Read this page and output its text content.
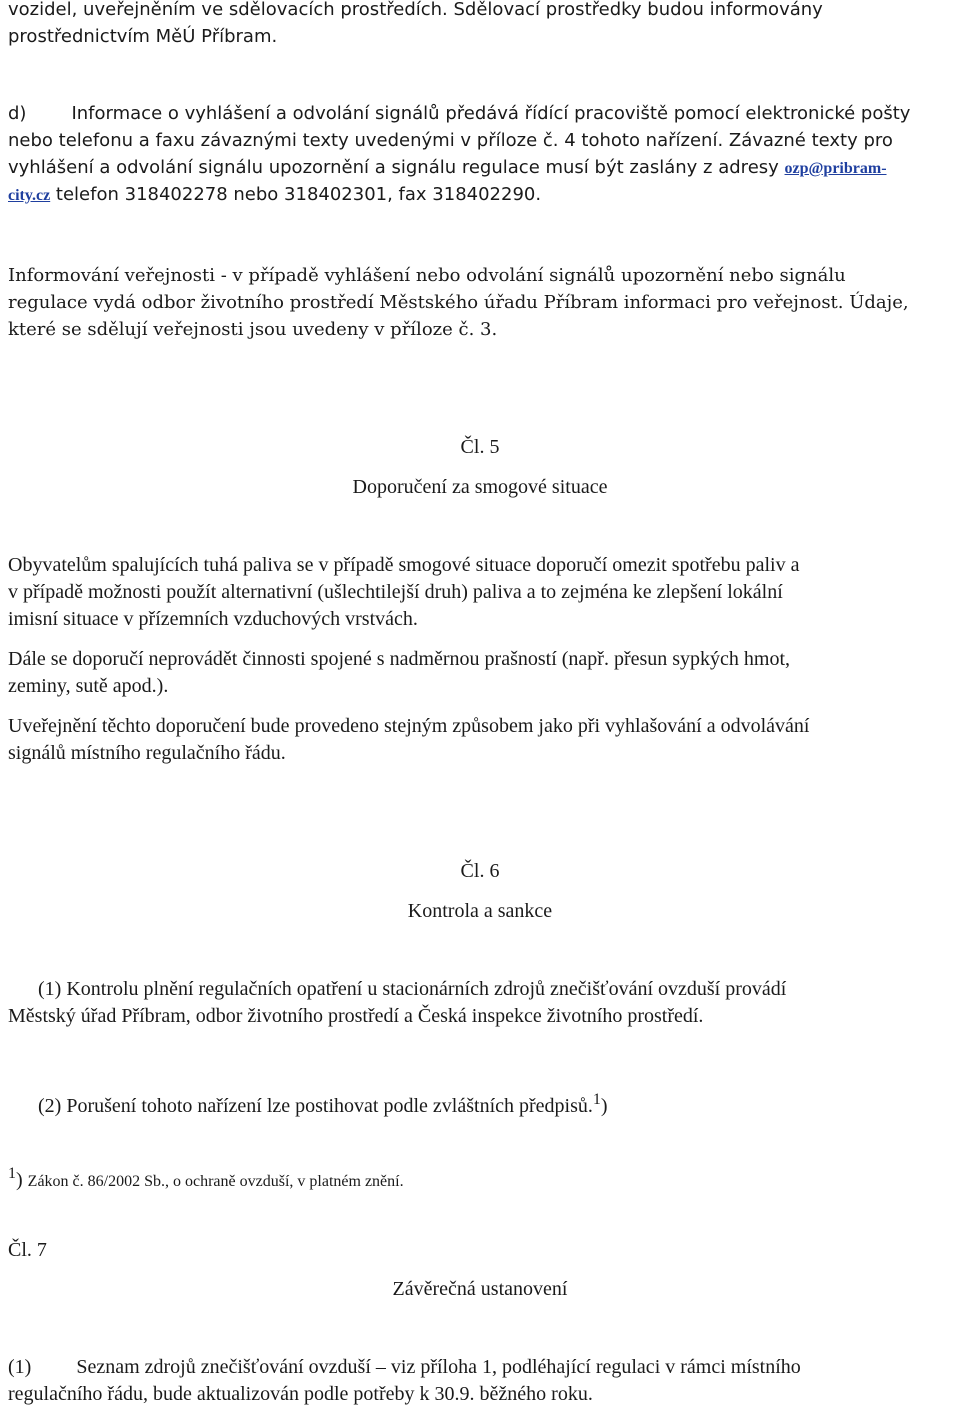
vozidel, uveřejněním ve sdělovacích prostředích. Sdělovací prostředky budou informovány

prostřednictvím MěÚ Příbram.

d)	Informace o vyhlášení a odvolání signálů předává řídící pracoviště pomocí elektronické pošty

nebo telefonu a faxu závaznými texty uvedenými v příloze č. 4 tohoto nařízení. Závazné texty pro

vyhlášení a odvolání signálu upozornění a signálu regulace musí být zaslány z adresy ozp@pribram-

city.cz telefon 318402278 nebo 318402301, fax 318402290.

Informování veřejnosti - v případě vyhlášení nebo odvolání signálů upozornění nebo signálu

regulace vydá odbor životního prostředí Městského úřadu Příbram informaci pro veřejnost. Údaje,

které se sdělují veřejnosti jsou uvedeny v příloze č. 3.

Čl. 5

Doporučení za smogové situace

Obyvatelům spalujících tuhá paliva se v případě smogové situace doporučí omezit spotřebu paliv a

v případě možnosti použít alternativní (ušlechtilejší druh) paliva a to zejména ke zlepšení lokální

imisní situace v přízemních vzduchových vrstvách.

Dále se doporučí neprovádět činnosti spojené s nadměrnou prašností (např. přesun sypkých hmot,

zeminy, sutě apod.).

Uveřejnění těchto doporučení bude provedeno stejným způsobem jako při vyhlašování a odvolávání

signálů místního regulačního řádu.

Čl. 6

Kontrola a sankce

(1) Kontrolu plnění regulačních opatření u stacionárních zdrojů znečišťování ovzduší provádí

Městský úřad Příbram, odbor životního prostředí a Česká inspekce životního prostředí.

(2) Porušení tohoto nařízení lze postihovat podle zvláštních předpisů.$^1$)

$^1$) Zákon č. 86/2002 Sb., o ochraně ovzduší, v platném znění.

Čl. 7

Závěrečná ustanovení

(1) Seznam zdrojů znečišťování ovzduší – viz příloha 1, podléhající regulaci v rámci místního

regulačního řádu, bude aktualizován podle potřeby k 30.9. běžného roku.
